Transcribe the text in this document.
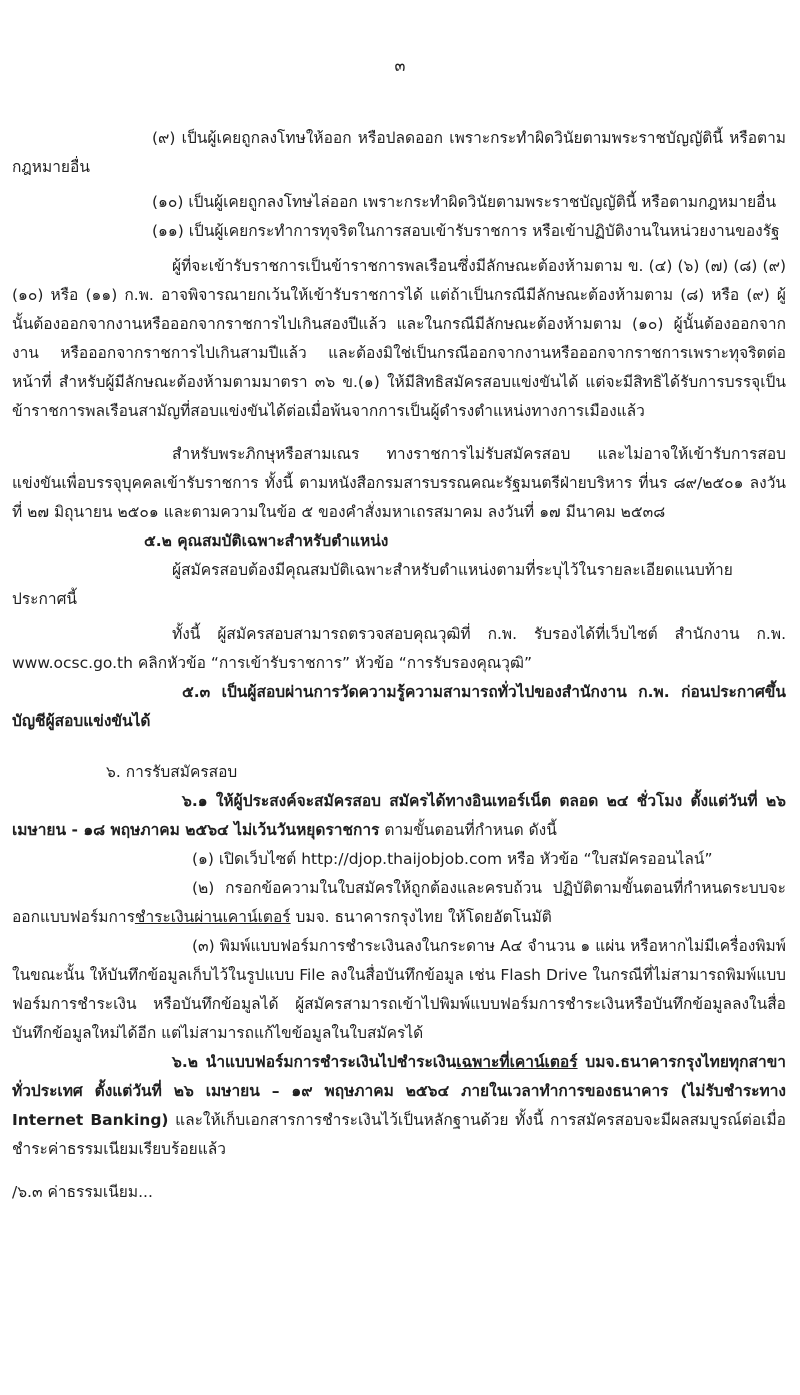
๓

(๙) เป็นผู้เคยถูกลงโทษให้ออก หรือปลดออก เพราะกระทำผิดวินัยตามพระราชบัญญัตินี้ หรือตามกฎหมายอื่น

(๑๐) เป็นผู้เคยถูกลงโทษไล่ออก เพราะกระทำผิดวินัยตามพระราชบัญญัตินี้ หรือตามกฎหมายอื่น

(๑๑) เป็นผู้เคยกระทำการทุจริตในการสอบเข้ารับราชการ หรือเข้าปฏิบัติงานในหน่วยงานของรัฐ

ผู้ที่จะเข้ารับราชการเป็นข้าราชการพลเรือนซึ่งมีลักษณะต้องห้ามตาม ข. (๔) (๖) (๗) (๘) (๙) (๑๐) หรือ (๑๑) ก.พ. อาจพิจารณายกเว้นให้เข้ารับราชการได้ แต่ถ้าเป็นกรณีมีลักษณะต้องห้ามตาม (๘) หรือ (๙) ผู้นั้นต้องออกจากงานหรือออกจากราชการไปเกินสองปีแล้ว และในกรณีมีลักษณะต้องห้ามตาม (๑๐) ผู้นั้นต้องออกจากงาน หรือออกจากราชการไปเกินสามปีแล้ว และต้องมิใช่เป็นกรณีออกจากงานหรือออกจากราชการเพราะทุจริตต่อหน้าที่ สำหรับผู้มีลักษณะต้องห้ามตามมาตรา ๓๖ ข.(๑) ให้มีสิทธิสมัครสอบแข่งขันได้ แต่จะมีสิทธิได้รับการบรรจุเป็นข้าราชการพลเรือนสามัญที่สอบแข่งขันได้ต่อเมื่อพ้นจากการเป็นผู้ดำรงตำแหน่งทางการเมืองแล้ว

สำหรับพระภิกษุหรือสามเณร ทางราชการไม่รับสมัครสอบ และไม่อาจให้เข้ารับการสอบแข่งขันเพื่อบรรจุบุคคลเข้ารับราชการ ทั้งนี้ ตามหนังสือกรมสารบรรณคณะรัฐมนตรีฝ่ายบริหาร ที่นร ๘๙/๒๕๐๑ ลงวันที่ ๒๗ มิถุนายน ๒๕๐๑ และตามความในข้อ ๕ ของคำสั่งมหาเถรสมาคม ลงวันที่ ๑๗ มีนาคม ๒๕๓๘

๕.๒ คุณสมบัติเฉพาะสำหรับตำแหน่ง

ผู้สมัครสอบต้องมีคุณสมบัติเฉพาะสำหรับตำแหน่งตามที่ระบุไว้ในรายละเอียดแนบท้ายประกาศนี้

ทั้งนี้ ผู้สมัครสอบสามารถตรวจสอบคุณวุฒิที่ ก.พ. รับรองได้ที่เว็บไซต์ สำนักงาน ก.พ. www.ocsc.go.th คลิกหัวข้อ “การเข้ารับราชการ” หัวข้อ “การรับรองคุณวุฒิ”

๕.๓ เป็นผู้สอบผ่านการวัดความรู้ความสามารถทั่วไปของสำนักงาน ก.พ. ก่อนประกาศขึ้นบัญชีผู้สอบแข่งขันได้

๖. การรับสมัครสอบ

๖.๑ ให้ผู้ประสงค์จะสมัครสอบ สมัครได้ทางอินเทอร์เน็ต ตลอด ๒๔ ชั่วโมง ตั้งแต่วันที่ ๒๖ เมษายน - ๑๘ พฤษภาคม ๒๕๖๔ ไม่เว้นวันหยุดราชการ ตามขั้นตอนที่กำหนด ดังนี้

(๑) เปิดเว็บไซต์ http://djop.thaijobjob.com หรือ หัวข้อ “ใบสมัครออนไลน์”

(๒) กรอกข้อความในใบสมัครให้ถูกต้องและครบถ้วน ปฏิบัติตามขั้นตอนที่กำหนดระบบจะออกแบบฟอร์มการชำระเงินผ่านเคาน์เตอร์ บมจ. ธนาคารกรุงไทย ให้โดยอัตโนมัติ

(๓) พิมพ์แบบฟอร์มการชำระเงินลงในกระดาษ A๔ จำนวน ๑ แผ่น หรือหากไม่มีเครื่องพิมพ์ในขณะนั้น ให้บันทึกข้อมูลเก็บไว้ในรูปแบบ File ลงในสื่อบันทึกข้อมูล เช่น Flash Drive ในกรณีที่ไม่สามารถพิมพ์แบบฟอร์มการชำระเงิน หรือบันทึกข้อมูลได้ ผู้สมัครสามารถเข้าไปพิมพ์แบบฟอร์มการชำระเงินหรือบันทึกข้อมูลลงในสื่อบันทึกข้อมูลใหม่ได้อีก แต่ไม่สามารถแก้ไขข้อมูลในใบสมัครได้

๖.๒ นำแบบฟอร์มการชำระเงินไปชำระเงินเฉพาะที่เคาน์เตอร์ บมจ.ธนาคารกรุงไทยทุกสาขาทั่วประเทศ ตั้งแต่วันที่ ๒๖ เมษายน – ๑๙ พฤษภาคม ๒๕๖๔ ภายในเวลาทำการของธนาคาร (ไม่รับชำระทาง Internet Banking) และให้เก็บเอกสารการชำระเงินไว้เป็นหลักฐานด้วย ทั้งนี้ การสมัครสอบจะมีผลสมบูรณ์ต่อเมื่อชำระค่าธรรมเนียมเรียบร้อยแล้ว

/๖.๓ ค่าธรรมเนียม...
